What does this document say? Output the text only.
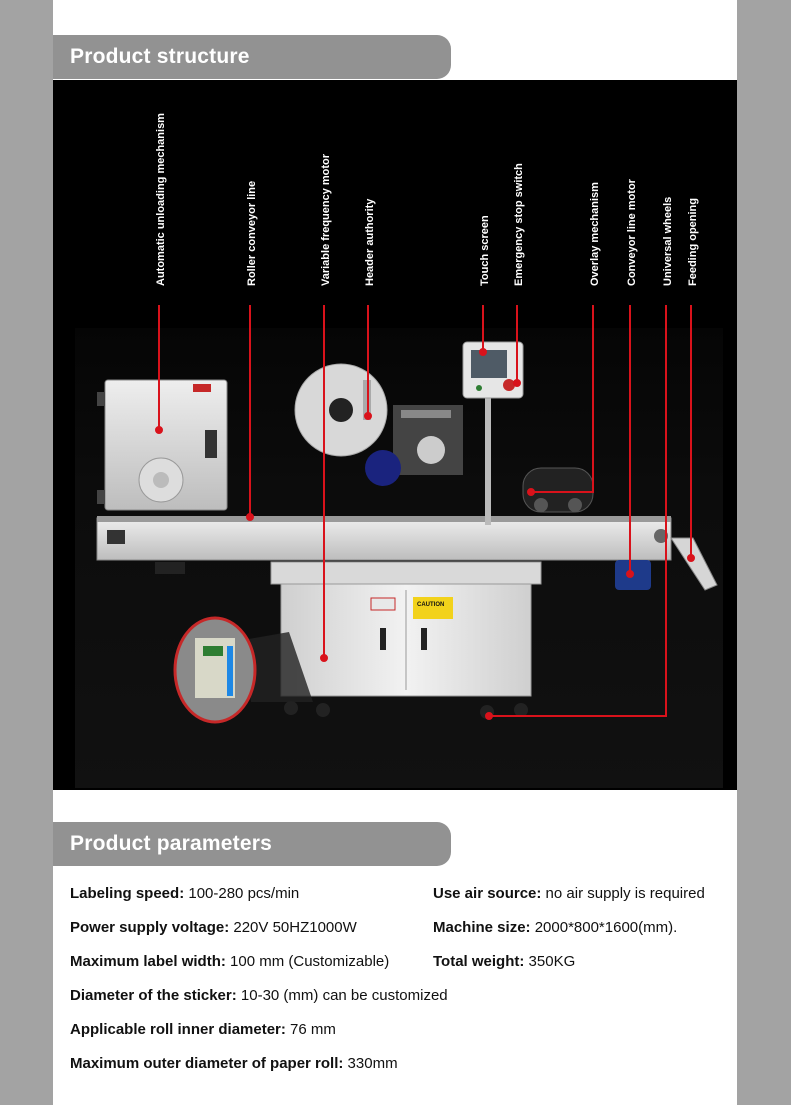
Product structure
CAUTION
Automatic unloading mechanism	Roller conveyor line	Variable frequency motor	Header authority	Touch screen Emergency stop switch	Overlay mechanism Conveyor line motor Universal wheels Feeding opening
Product parameters
Labeling speed: 100-280 pcs/min	Use air source: no air supply is required
Power supply voltage: 220V 50HZ1000W	Machine size: 2000*800*1600(mm).
Maximum label width: 100 mm (Customizable)	Total weight: 350KG
Diameter of the sticker: 10-30 (mm) can be customized
Applicable roll inner diameter: 76 mm
Maximum outer diameter of paper roll: 330mm
